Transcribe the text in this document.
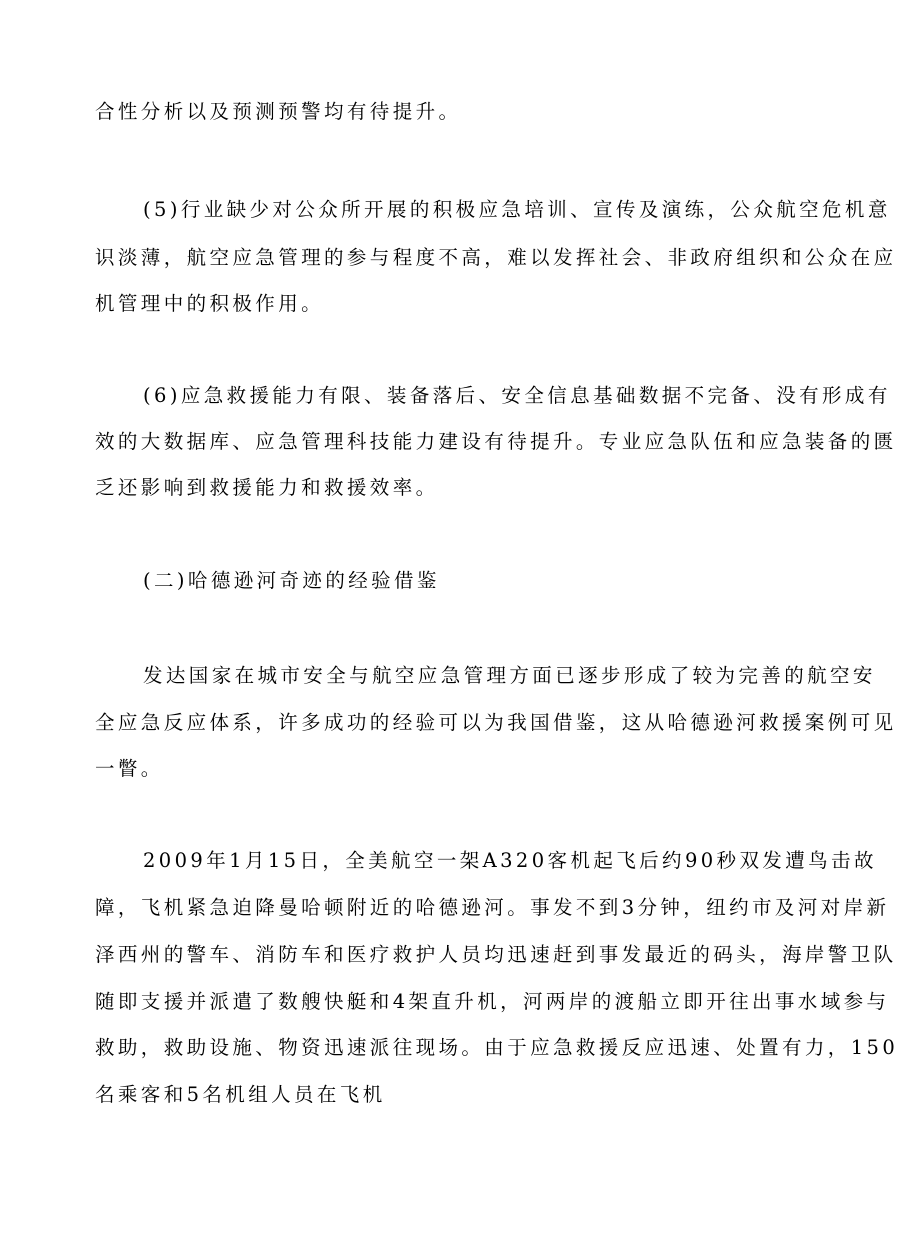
合性分析以及预测预警均有待提升。
(5)行业缺少对公众所开展的积极应急培训、宣传及演练，公众航空危机意
识淡薄，航空应急管理的参与程度不高，难以发挥社会、非政府组织和公众在应
机管理中的积极作用。
(6)应急救援能力有限、装备落后、安全信息基础数据不完备、没有形成有
效的大数据库、应急管理科技能力建设有待提升。专业应急队伍和应急装备的匮
乏还影响到救援能力和救援效率。
(二)哈德逊河奇迹的经验借鉴
发达国家在城市安全与航空应急管理方面已逐步形成了较为完善的航空安
全应急反应体系，许多成功的经验可以为我国借鉴，这从哈德逊河救援案例可见
一瞥。
2009年1月15日，全美航空一架A320客机起飞后约90秒双发遭鸟击故
障，飞机紧急迫降曼哈顿附近的哈德逊河。事发不到3分钟，纽约市及河对岸新
泽西州的警车、消防车和医疗救护人员均迅速赶到事发最近的码头，海岸警卫队
随即支援并派遣了数艘快艇和4架直升机，河两岸的渡船立即开往出事水域参与
救助，救助设施、物资迅速派往现场。由于应急救援反应迅速、处置有力，150
名乘客和5名机组人员在飞机
